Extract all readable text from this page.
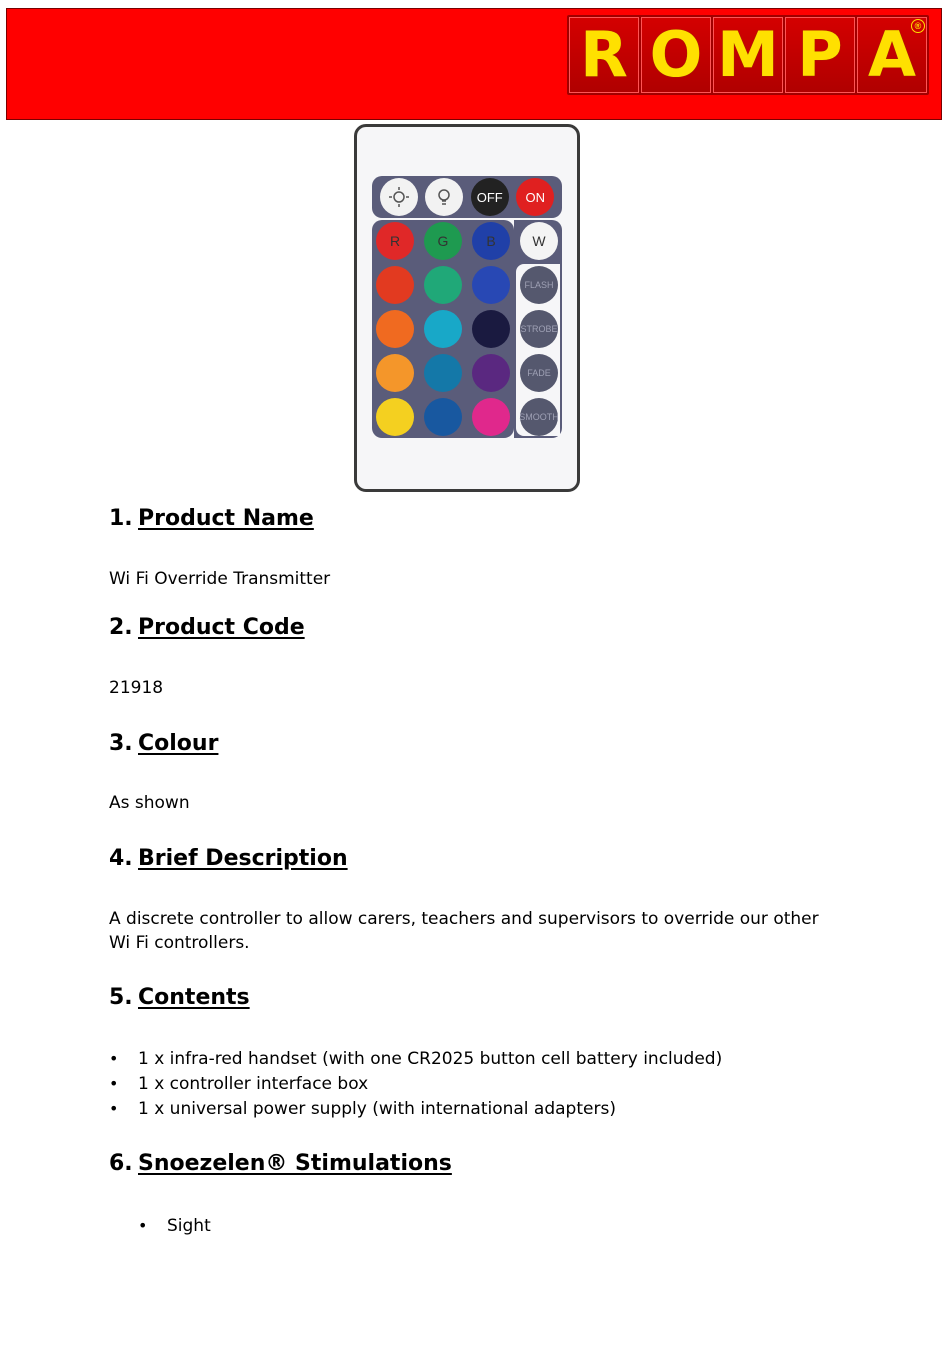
R O M P A
®
OFF	ON
R	G	B	W
FLASH
STROBE
FADE
SMOOTH
1. Product Name
Wi Fi Override Transmitter
2. Product Code
21918
3. Colour
As shown
4. Brief Description
A discrete controller to allow carers, teachers and supervisors to override our other Wi Fi controllers.
5. Contents
•	1 x infra-red handset (with one CR2025 button cell battery included)
•	1 x controller interface box
•	1 x universal power supply (with international adapters)
6. Snoezelen® Stimulations
•	Sight
